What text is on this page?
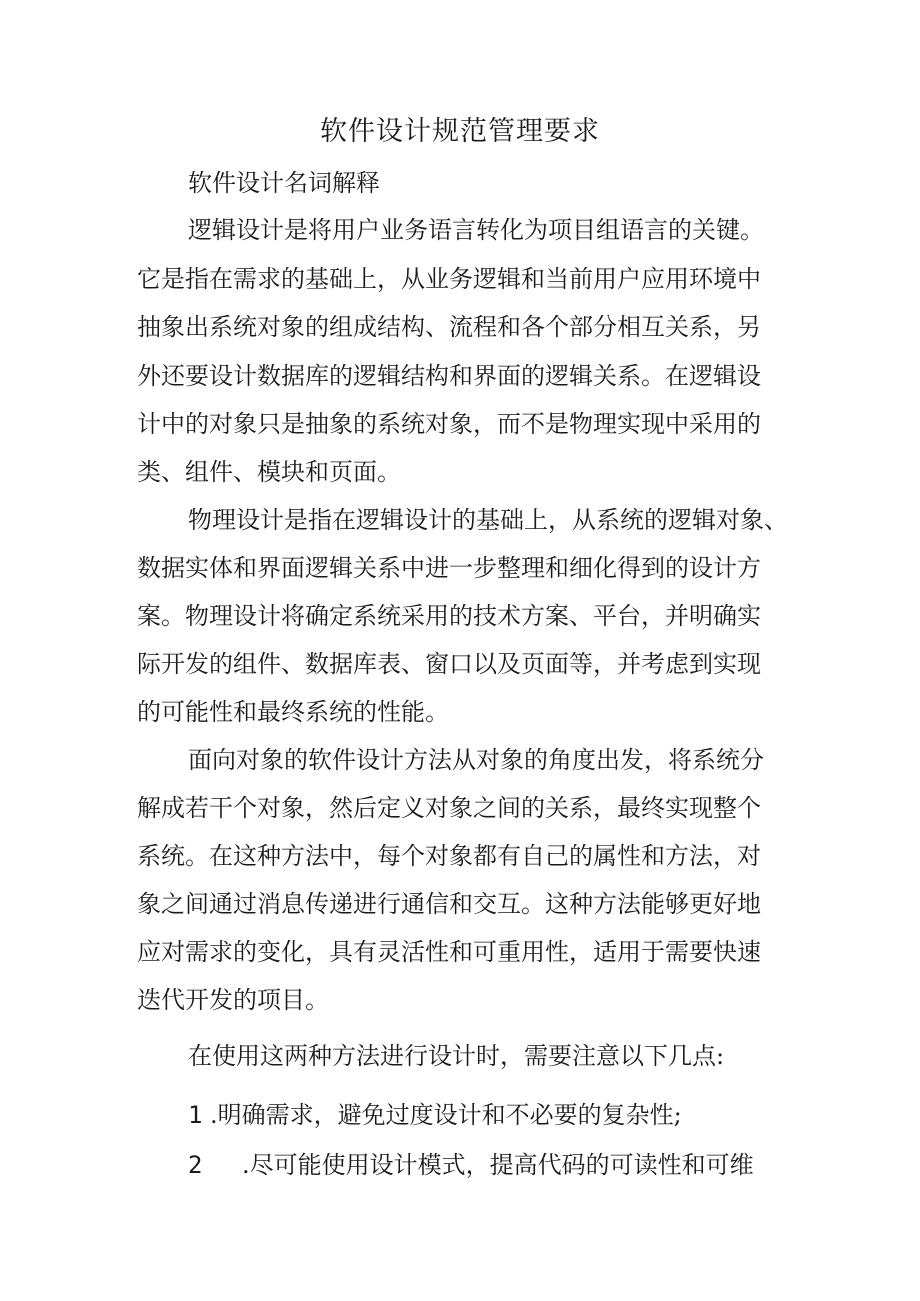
软件设计规范管理要求
软件设计名词解释
逻辑设计是将用户业务语言转化为项目组语言的关键。
它是指在需求的基础上，从业务逻辑和当前用户应用环境中
抽象出系统对象的组成结构、流程和各个部分相互关系，另
外还要设计数据库的逻辑结构和界面的逻辑关系。在逻辑设
计中的对象只是抽象的系统对象，而不是物理实现中采用的
类、组件、模块和页面。
物理设计是指在逻辑设计的基础上，从系统的逻辑对象、
数据实体和界面逻辑关系中进一步整理和细化得到的设计方
案。物理设计将确定系统采用的技术方案、平台，并明确实
际开发的组件、数据库表、窗口以及页面等，并考虑到实现
的可能性和最终系统的性能。
面向对象的软件设计方法从对象的角度出发，将系统分
解成若干个对象，然后定义对象之间的关系，最终实现整个
系统。在这种方法中，每个对象都有自己的属性和方法，对
象之间通过消息传递进行通信和交互。这种方法能够更好地
应对需求的变化，具有灵活性和可重用性，适用于需要快速
迭代开发的项目。
在使用这两种方法进行设计时，需要注意以下几点:
1 .明确需求，避免过度设计和不必要的复杂性;
2 .尽可能使用设计模式，提高代码的可读性和可维
